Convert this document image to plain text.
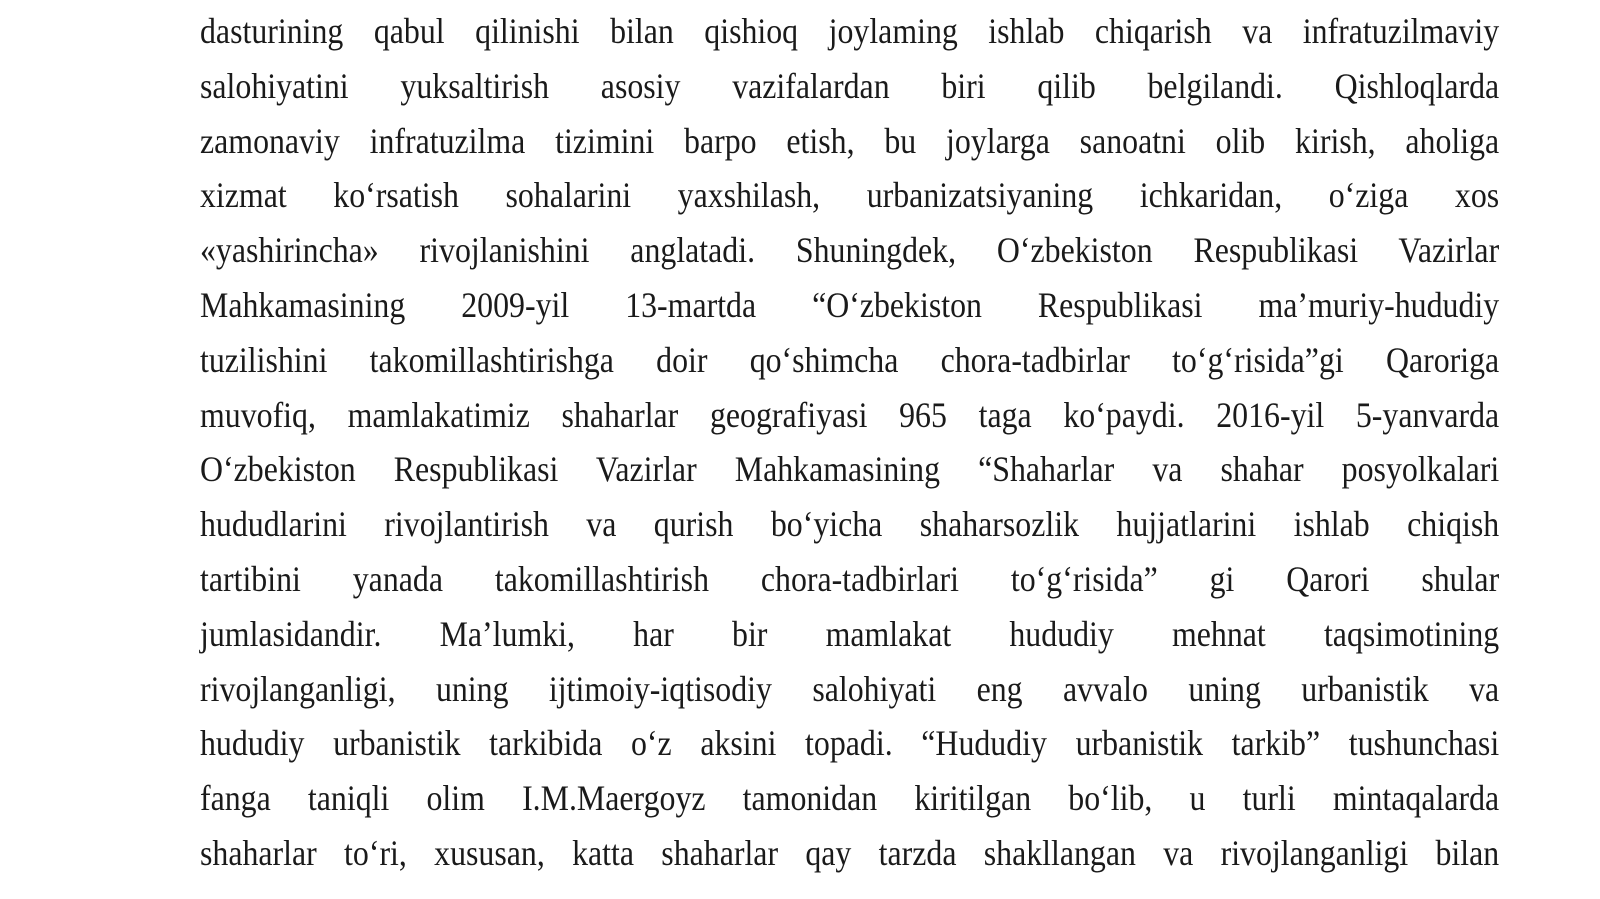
dasturining qabul qilinishi bilan qishioq joylaming ishlab chiqarish va infratuzilmaviy
salohiyatini yuksaltirish asosiy vazifalardan biri qilib belgilandi. Qishloqlarda
zamonaviy infratuzilma tizimini barpo etish, bu joylarga sanoatni olib kirish, aholiga
xizmat ko‘rsatish sohalarini yaxshilash, urbanizatsiyaning ichkaridan, o‘ziga xos
«yashirincha» rivojlanishini anglatadi. Shuningdek, O‘zbekiston Respublikasi Vazirlar
Mahkamasining 2009-yil 13-martda “O‘zbekiston Respublikasi ma’muriy-hududiy
tuzilishini takomillashtirishga doir qo‘shimcha chora-tadbirlar to‘g‘risida”gi Qaroriga
muvofiq, mamlakatimiz shaharlar geografiyasi 965 taga ko‘paydi. 2016-yil 5-yanvarda
O‘zbekiston Respublikasi Vazirlar Mahkamasining “Shaharlar va shahar posyolkalari
hududlarini rivojlantirish va qurish bo‘yicha shaharsozlik hujjatlarini ishlab chiqish
tartibini yanada takomillashtirish chora-tadbirlari to‘g‘risida” gi Qarori shular
jumlasidandir. Ma’lumki, har bir mamlakat hududiy mehnat taqsimotining
rivojlanganligi, uning ijtimoiy-iqtisodiy salohiyati eng avvalo uning urbanistik va
hududiy urbanistik tarkibida o‘z aksini topadi. “Hududiy urbanistik tarkib” tushunchasi
fanga taniqli olim I.M.Maergoyz tamonidan kiritilgan bo‘lib, u turli mintaqalarda
shaharlar to‘ri, xususan, katta shaharlar qay tarzda shakllangan va rivojlanganligi bilan
